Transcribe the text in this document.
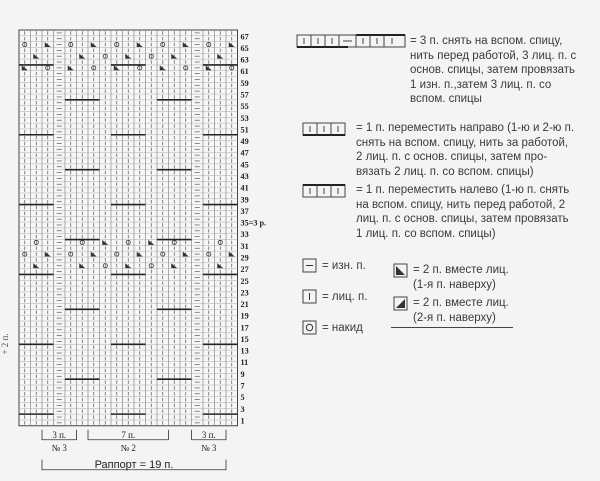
1
3
5
7
9
11
13
15
17
19
21
23
25
27
29
31
33
35=3 р.
37
39
41
43
45
47
49
51
53
55
57
59
61
63
65
67
+ 2 п.
3 п.
№ 3
7 п.
№ 2
3 п.
№ 3
Раппорт = 19 п.
= 3 п. снять на вспом. спицу,
нить перед работой, 3 лиц. п. с
основ. спицы, затем провязать
1 изн. п.,затем 3 лиц. п. со
вспом. спицы
= 1 п. переместить направо (1-ю и 2-ю п.
снять на вспом. спицу, нить за работой,
2 лиц. п. с основ. спицы, затем про-
вязать 2 лиц. п. со вспом. спицы)
= 1 п. переместить налево (1-ю п. снять
на вспом. спицу, нить перед работой, 2
лиц. п. с основ. спицы, затем провязать
1 лиц. п. со вспом. спицы)
= изн. п.
= лиц. п.
= накид
= 2 п. вместе лиц.
(1-я п. наверху)
= 2 п. вместе лиц.
(2-я п. наверху)
